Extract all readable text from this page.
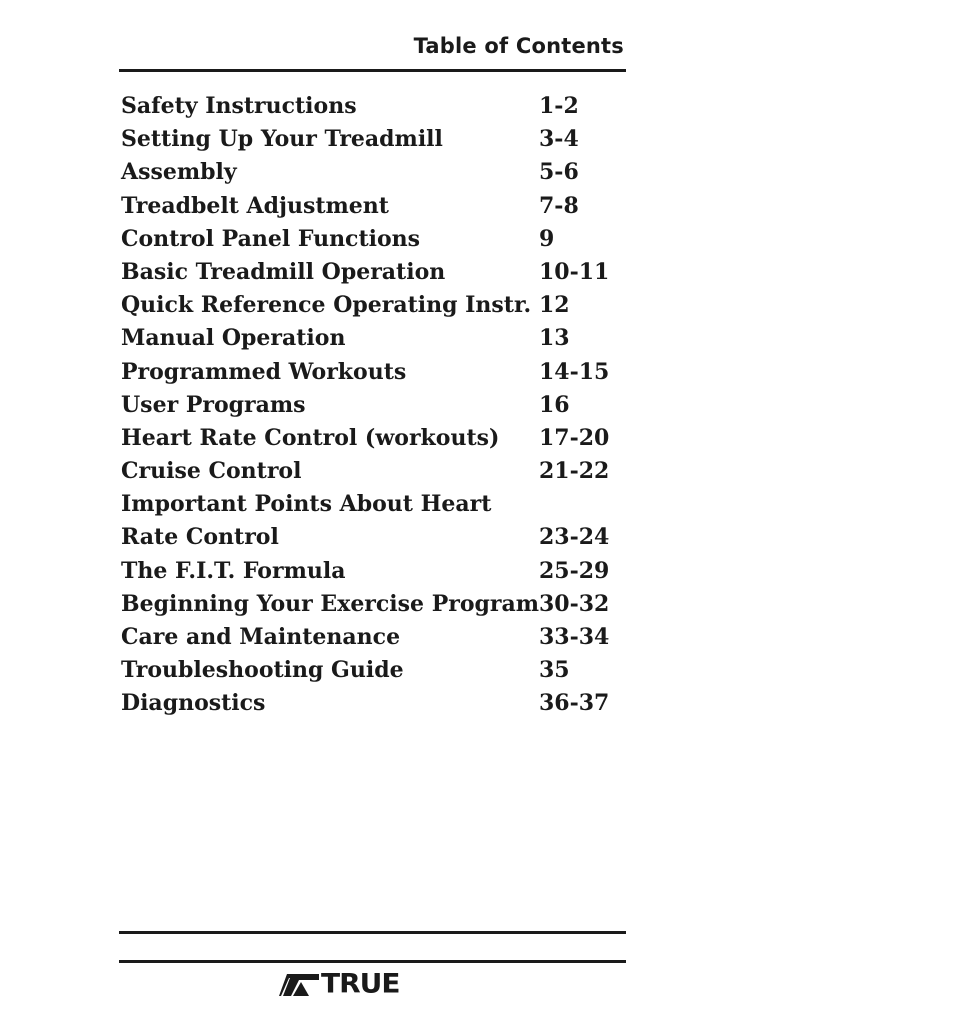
Table of Contents
Safety Instructions	1-2
Setting Up Your Treadmill	3-4
Assembly	5-6
Treadbelt Adjustment	7-8
Control Panel Functions	9
Basic Treadmill Operation	10-11
Quick Reference Operating Instr. 12
Manual Operation	13
Programmed Workouts	14-15
User Programs	16
Heart Rate Control (workouts) 17-20
Cruise Control	21-22
Important Points About Heart
Rate Control	23-24
The F.I.T. Formula	25-29
Beginning Your Exercise Program 30-32
Care and Maintenance	33-34
Troubleshooting Guide	35
Diagnostics	36-37
TRUE
